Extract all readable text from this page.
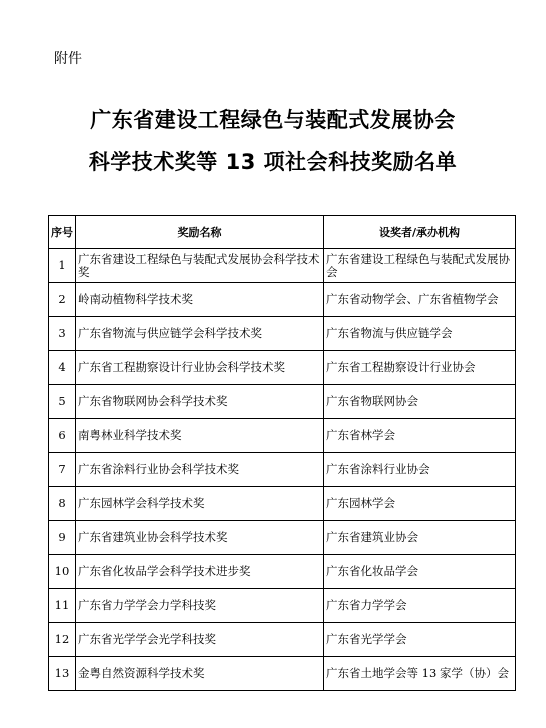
附件
广东省建设工程绿色与装配式发展协会
科学技术奖等 13 项社会科技奖励名单
序号	奖励名称	设奖者/承办机构
1	广东省建设工程绿色与装配式发展协会科学技术奖	广东省建设工程绿色与装配式发展协会
2	岭南动植物科学技术奖	广东省动物学会、广东省植物学会
3	广东省物流与供应链学会科学技术奖	广东省物流与供应链学会
4	广东省工程勘察设计行业协会科学技术奖	广东省工程勘察设计行业协会
5	广东省物联网协会科学技术奖	广东省物联网协会
6	南粤林业科学技术奖	广东省林学会
7	广东省涂料行业协会科学技术奖	广东省涂料行业协会
8	广东园林学会科学技术奖	广东园林学会
9	广东省建筑业协会科学技术奖	广东省建筑业协会
10	广东省化妆品学会科学技术进步奖	广东省化妆品学会
11	广东省力学学会力学科技奖	广东省力学学会
12	广东省光学学会光学科技奖	广东省光学学会
13	金粤自然资源科学技术奖	广东省土地学会等 13 家学（协）会
